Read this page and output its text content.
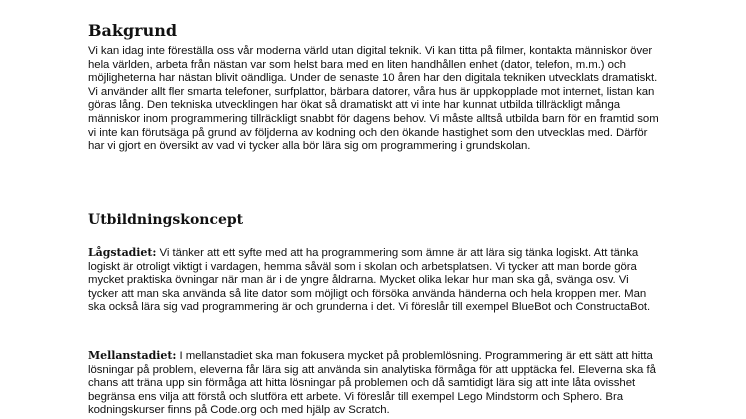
Bakgrund

Vi kan idag inte föreställa oss vår moderna värld utan digital teknik. Vi kan titta på filmer, kontakta människor över hela världen, arbeta från nästan var som helst bara med en liten handhållen enhet (dator, telefon, m.m.) och möjligheterna har nästan blivit oändliga. Under de senaste 10 åren har den digitala tekniken utvecklats dramatiskt. Vi använder allt fler smarta telefoner, surfplattor, bärbara datorer, våra hus är uppkopplade mot internet, listan kan göras lång. Den tekniska utvecklingen har ökat så dramatiskt att vi inte har kunnat utbilda tillräckligt många människor inom programmering tillräckligt snabbt för dagens behov. Vi måste alltså utbilda barn för en framtid som vi inte kan förutsäga på grund av följderna av kodning och den ökande hastighet som den utvecklas med. Därför har vi gjort en översikt av vad vi tycker alla bör lära sig om programmering i grundskolan.

Utbildningskoncept

Lågstadiet: Vi tänker att ett syfte med att ha programmering som ämne är att lära sig tänka logiskt. Att tänka logiskt är otroligt viktigt i vardagen, hemma såväl som i skolan och arbetsplatsen. Vi tycker att man borde göra mycket praktiska övningar när man är i de yngre åldrarna. Mycket olika lekar hur man ska gå, svänga osv. Vi tycker att man ska använda så lite dator som möjligt och försöka använda händerna och hela kroppen mer. Man ska också lära sig vad programmering är och grunderna i det. Vi föreslår till exempel BlueBot och ConstructaBot.

Mellanstadiet: I mellanstadiet ska man fokusera mycket på problemlösning. Programmering är ett sätt att hitta lösningar på problem, eleverna får lära sig att använda sin analytiska förmåga för att upptäcka fel. Eleverna ska få chans att träna upp sin förmåga att hitta lösningar på problemen och då samtidigt lära sig att inte låta ovisshet begränsa ens vilja att förstå och slutföra ett arbete. Vi föreslår till exempel Lego Mindstorm och Sphero. Bra kodningskurser finns på Code.org och med hjälp av Scratch.
